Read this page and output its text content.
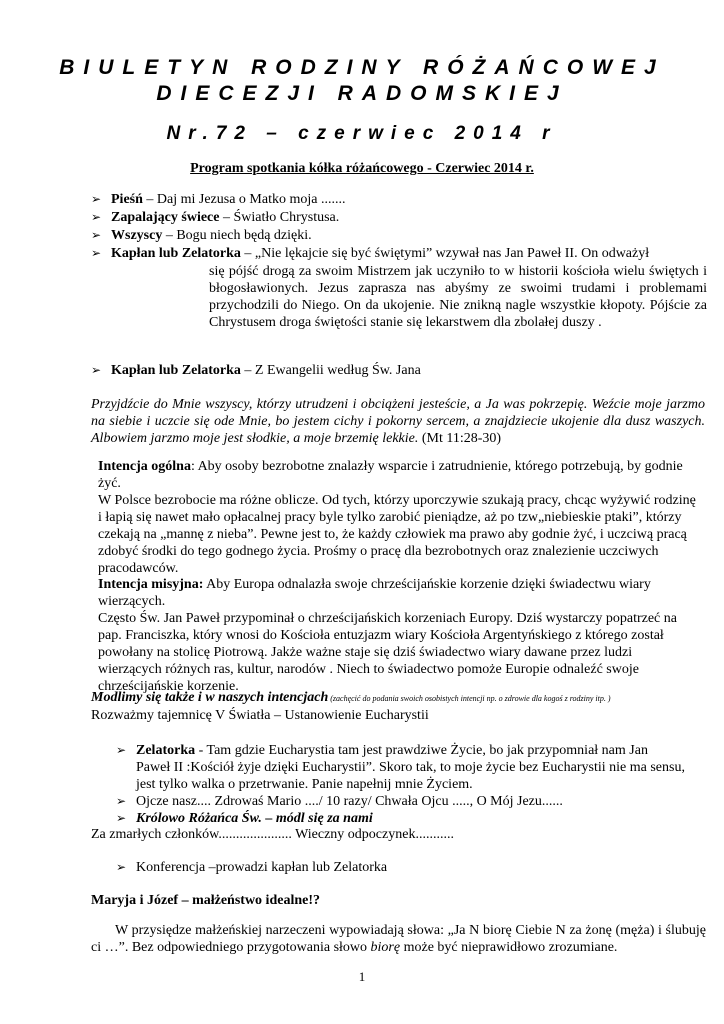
BIULETYN RODZINY RÓŻAŃCOWEJ
DIECEZJI RADOMSKIEJ
Nr.72 – czerwiec 2014 r
Program spotkania kółka różańcowego - Czerwiec 2014 r.
➢ Pieśń – Daj mi Jezusa o Matko moja .......
➢ Zapalający świece – Światło Chrystusa.
➢ Wszyscy – Bogu niech będą dzięki.
➢ Kapłan lub Zelatorka – „Nie lękajcie się być świętymi” wzywał nas Jan Paweł II. On odważył
się pójść drogą za swoim Mistrzem jak uczyniło to w historii kościoła wielu świętych i błogosławionych. Jezus zaprasza nas abyśmy ze swoimi trudami i problemami przychodzili do Niego. On da ukojenie. Nie znikną nagle wszystkie kłopoty. Pójście za Chrystusem droga świętości stanie się lekarstwem dla zbolałej duszy .
➢ Kapłan lub Zelatorka – Z Ewangelii według Św. Jana
Przyjdźcie do Mnie wszyscy, którzy utrudzeni i obciążeni jesteście, a Ja was pokrzepię. Weźcie moje jarzmo na siebie i uczcie się ode Mnie, bo jestem cichy i pokorny sercem, a znajdziecie ukojenie dla dusz waszych. Albowiem jarzmo moje jest słodkie, a moje brzemię lekkie. (Mt 11:28-30)
Intencja ogólna: Aby osoby bezrobotne znalazły wsparcie i zatrudnienie, którego potrzebują, by godnie żyć.
W Polsce bezrobocie ma różne oblicze. Od tych, którzy uporczywie szukają pracy, chcąc wyżywić rodzinę i łapią się nawet mało opłacalnej pracy byle tylko zarobić pieniądze, aż po tzw„niebieskie ptaki”, którzy czekają na „mannę z nieba”. Pewne jest to, że każdy człowiek ma prawo aby godnie żyć, i uczciwą pracą zdobyć środki do tego godnego życia. Prośmy o pracę dla bezrobotnych oraz znalezienie uczciwych pracodawców.
Intencja misyjna: Aby Europa odnalazła swoje chrześcijańskie korzenie dzięki świadectwu wiary wierzących.
Często Św. Jan Paweł przypominał o chrześcijańskich korzeniach Europy. Dziś wystarczy popatrzeć na pap. Franciszka, który wnosi do Kościoła entuzjazm wiary Kościoła Argentyńskiego z którego został powołany na stolicę Piotrową. Jakże ważne staje się dziś świadectwo wiary dawane przez ludzi wierzących różnych ras, kultur, narodów . Niech to świadectwo pomoże Europie odnaleźć swoje chrześcijańskie korzenie.
Modlimy się także i w naszych intencjach (zachęcić do podania swoich osobistych intencji np. o zdrowie dla kogoś z rodziny itp. )
Rozważmy tajemnicę V Światła – Ustanowienie Eucharystii
➢ Zelatorka - Tam gdzie Eucharystia tam jest prawdziwe Życie, bo jak przypomniał nam Jan
Paweł II :Kościół żyje dzięki Eucharystii”. Skoro tak, to moje życie bez Eucharystii nie ma sensu, jest tylko walka o przetrwanie. Panie napełnij mnie Życiem.
➢ Ojcze nasz.... Zdrowaś Mario ..../ 10 razy/ Chwała Ojcu ....., O Mój Jezu......
➢ Królowo Różańca Św. – módl się za nami
Za zmarłych członków..................... Wieczny odpoczynek...........
➢ Konferencja –prowadzi kapłan lub Zelatorka
Maryja i Józef – małżeństwo idealne!?
W przysiędze małżeńskiej narzeczeni wypowiadają słowa: „Ja N biorę Ciebie N za żonę (męża) i ślubuję ci …”. Bez odpowiedniego przygotowania słowo biorę może być nieprawidłowo zrozumiane.
1
